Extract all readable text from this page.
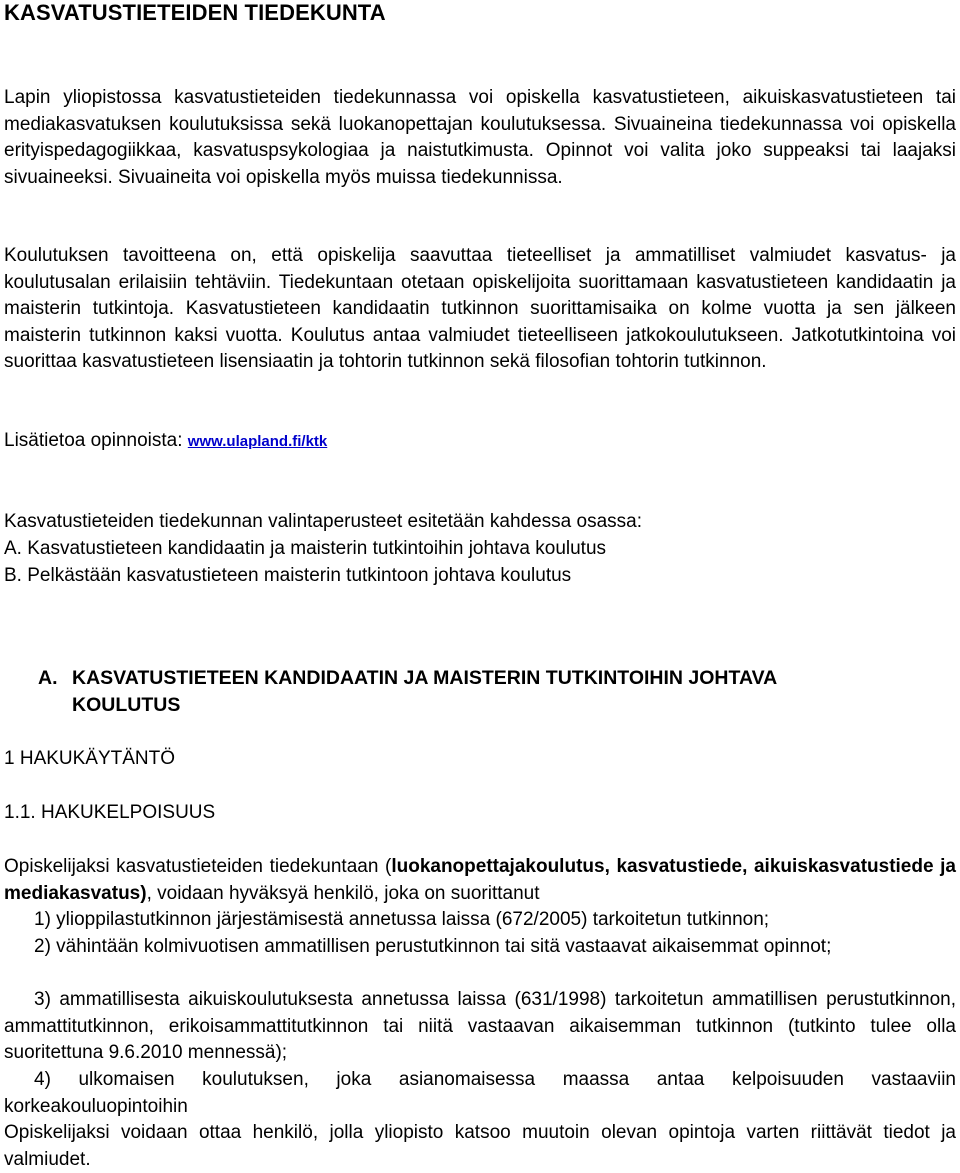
KASVATUSTIETEIDEN TIEDEKUNTA

Lapin yliopistossa kasvatustieteiden tiedekunnassa voi opiskella kasvatustieteen, aikuiskasvatustieteen tai mediakasvatuksen koulutuksissa sekä luokanopettajan koulutuksessa. Sivuaineina tiedekunnassa voi opiskella erityispedagogiikkaa, kasvatuspsykologiaa ja naistutkimusta. Opinnot voi valita joko suppeaksi tai laajaksi sivuaineeksi. Sivuaineita voi opiskella myös muissa tiedekunnissa.

Koulutuksen tavoitteena on, että opiskelija saavuttaa tieteelliset ja ammatilliset valmiudet kasvatus- ja koulutusalan erilaisiin tehtäviin. Tiedekuntaan otetaan opiskelijoita suorittamaan kasvatustieteen kandidaatin ja maisterin tutkintoja. Kasvatustieteen kandidaatin tutkinnon suorittamisaika on kolme vuotta ja sen jälkeen maisterin tutkinnon kaksi vuotta. Koulutus antaa valmiudet tieteelliseen jatkokoulutukseen. Jatkotutkintoina voi suorittaa kasvatustieteen lisensiaatin ja tohtorin tutkinnon sekä filosofian tohtorin tutkinnon.

Lisätietoa opinnoista: www.ulapland.fi/ktk

Kasvatustieteiden tiedekunnan valintaperusteet esitetään kahdessa osassa:

A. Kasvatustieteen kandidaatin ja maisterin tutkintoihin johtava koulutus

B. Pelkästään kasvatustieteen maisterin tutkintoon johtava koulutus

A. KASVATUSTIETEEN KANDIDAATIN JA MAISTERIN TUTKINTOIHIN JOHTAVA
KOULUTUS

1 HAKUKÄYTÄNTÖ

1.1. HAKUKELPOISUUS

Opiskelijaksi kasvatustieteiden tiedekuntaan (luokanopettajakoulutus, kasvatustiede, aikuiskasvatustiede ja mediakasvatus), voidaan hyväksyä henkilö, joka on suorittanut

1) ylioppilastutkinnon järjestämisestä annetussa laissa (672/2005) tarkoitetun tutkinnon;

2) vähintään kolmivuotisen ammatillisen perustutkinnon tai sitä vastaavat aikaisemmat opinnot;

3) ammatillisesta aikuiskoulutuksesta annetussa laissa (631/1998) tarkoitetun ammatillisen perustutkinnon, ammattitutkinnon, erikoisammattitutkinnon tai niitä vastaavan aikaisemman tutkinnon (tutkinto tulee olla suoritettuna 9.6.2010 mennessä);

4) ulkomaisen koulutuksen, joka asianomaisessa maassa antaa kelpoisuuden vastaaviin korkeakouluopintoihin

Opiskelijaksi voidaan ottaa henkilö, jolla yliopisto katsoo muutoin olevan opintoja varten riittävät tiedot ja valmiudet.
